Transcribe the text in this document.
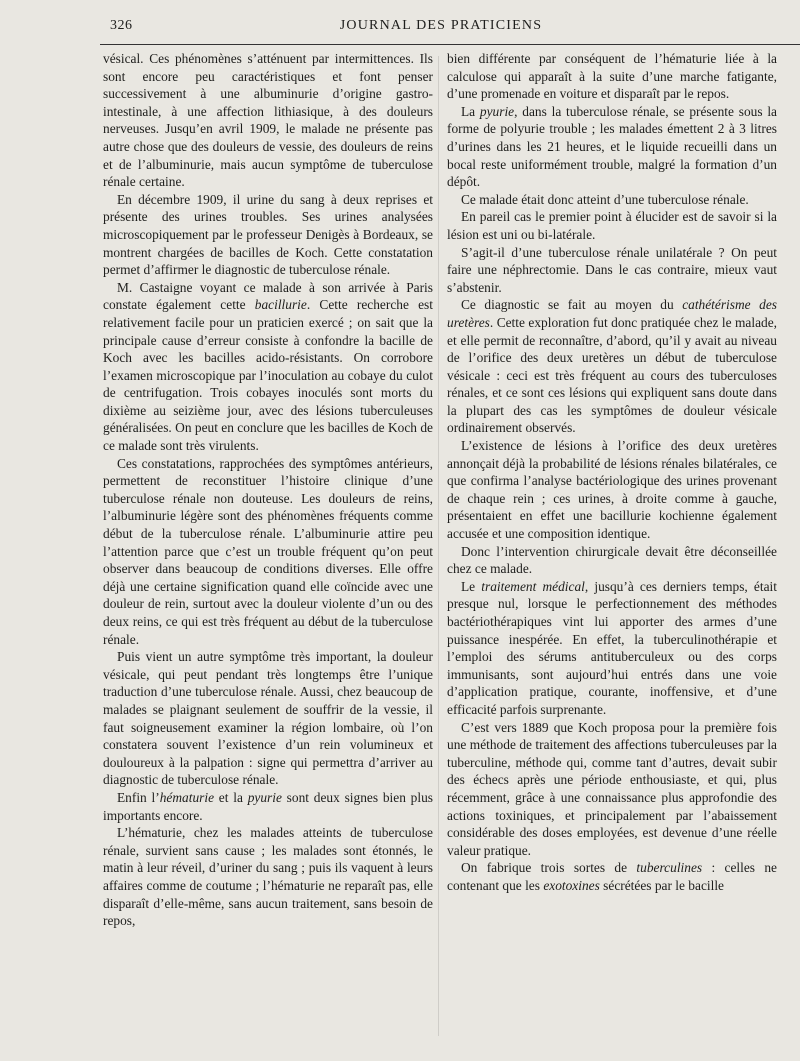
326	JOURNAL DES PRATICIENS

vésical. Ces phénomènes s’atténuent par intermittences. Ils sont encore peu caractéristiques et font penser successivement à une albuminurie d’origine gastro-intestinale, à une affection lithiasique, à des douleurs nerveuses. Jusqu’en avril 1909, le malade ne présente pas autre chose que des douleurs de vessie, des douleurs de reins et de l’albuminurie, mais aucun symptôme de tuberculose rénale certaine.

En décembre 1909, il urine du sang à deux reprises et présente des urines troubles. Ses urines analysées microscopiquement par le professeur Denigès à Bordeaux, se montrent chargées de bacilles de Koch. Cette constatation permet d’affirmer le diagnostic de tuberculose rénale.

M. Castaigne voyant ce malade à son arrivée à Paris constate également cette bacillurie. Cette recherche est relativement facile pour un praticien exercé ; on sait que la principale cause d’erreur consiste à confondre la bacille de Koch avec les bacilles acido-résistants. On corrobore l’examen microscopique par l’inoculation au cobaye du culot de centrifugation. Trois cobayes inoculés sont morts du dixième au seizième jour, avec des lésions tuberculeuses généralisées. On peut en conclure que les bacilles de Koch de ce malade sont très virulents.

Ces constatations, rapprochées des symptômes antérieurs, permettent de reconstituer l’histoire clinique d’une tuberculose rénale non douteuse. Les douleurs de reins, l’albuminurie légère sont des phénomènes fréquents comme début de la tuberculose rénale. L’albuminurie attire peu l’attention parce que c’est un trouble fréquent qu’on peut observer dans beaucoup de conditions diverses. Elle offre déjà une certaine signification quand elle coïncide avec une douleur de rein, surtout avec la douleur violente d’un ou des deux reins, ce qui est très fréquent au début de la tuberculose rénale.

Puis vient un autre symptôme très important, la douleur vésicale, qui peut pendant très longtemps être l’unique traduction d’une tuberculose rénale. Aussi, chez beaucoup de malades se plaignant seulement de souffrir de la vessie, il faut soigneusement examiner la région lombaire, où l’on constatera souvent l’existence d’un rein volumineux et douloureux à la palpation : signe qui permettra d’arriver au diagnostic de tuberculose rénale.

Enfin l’hématurie et la pyurie sont deux signes bien plus importants encore.

L’hématurie, chez les malades atteints de tuberculose rénale, survient sans cause ; les malades sont étonnés, le matin à leur réveil, d’uriner du sang ; puis ils vaquent à leurs affaires comme de coutume ; l’hématurie ne reparaît pas, elle disparaît d’elle-même, sans aucun traitement, sans besoin de repos,

bien différente par conséquent de l’hématurie liée à la calculose qui apparaît à la suite d’une marche fatigante, d’une promenade en voiture et disparaît par le repos.

La pyurie, dans la tuberculose rénale, se présente sous la forme de polyurie trouble ; les malades émettent 2 à 3 litres d’urines dans les 21 heures, et le liquide recueilli dans un bocal reste uniformément trouble, malgré la formation d’un dépôt.

Ce malade était donc atteint d’une tuberculose rénale.

En pareil cas le premier point à élucider est de savoir si la lésion est uni ou bi-latérale.

S’agit-il d’une tuberculose rénale unilatérale ? On peut faire une néphrectomie. Dans le cas contraire, mieux vaut s’abstenir.

Ce diagnostic se fait au moyen du cathétérisme des uretères. Cette exploration fut donc pratiquée chez le malade, et elle permit de reconnaître, d’abord, qu’il y avait au niveau de l’orifice des deux uretères un début de tuberculose vésicale : ceci est très fréquent au cours des tuberculoses rénales, et ce sont ces lésions qui expliquent sans doute dans la plupart des cas les symptômes de douleur vésicale ordinairement observés.

L’existence de lésions à l’orifice des deux uretères annonçait déjà la probabilité de lésions rénales bilatérales, ce que confirma l’analyse bactériologique des urines provenant de chaque rein ; ces urines, à droite comme à gauche, présentaient en effet une bacillurie kochienne également accusée et une composition identique.

Donc l’intervention chirurgicale devait être déconseillée chez ce malade.

Le traitement médical, jusqu’à ces derniers temps, était presque nul, lorsque le perfectionnement des méthodes bactériothérapiques vint lui apporter des armes d’une puissance inespérée. En effet, la tuberculinothérapie et l’emploi des sérums antituberculeux ou des corps immunisants, sont aujourd’hui entrés dans une voie d’application pratique, courante, inoffensive, et d’une efficacité parfois surprenante.

C’est vers 1889 que Koch proposa pour la première fois une méthode de traitement des affections tuberculeuses par la tuberculine, méthode qui, comme tant d’autres, devait subir des échecs après une période enthousiaste, et qui, plus récemment, grâce à une connaissance plus approfondie des actions toxiniques, et principalement par l’abaissement considérable des doses employées, est devenue d’une réelle valeur pratique.

On fabrique trois sortes de tuberculines : celles ne contenant que les exotoxines sécrétées par le bacille
